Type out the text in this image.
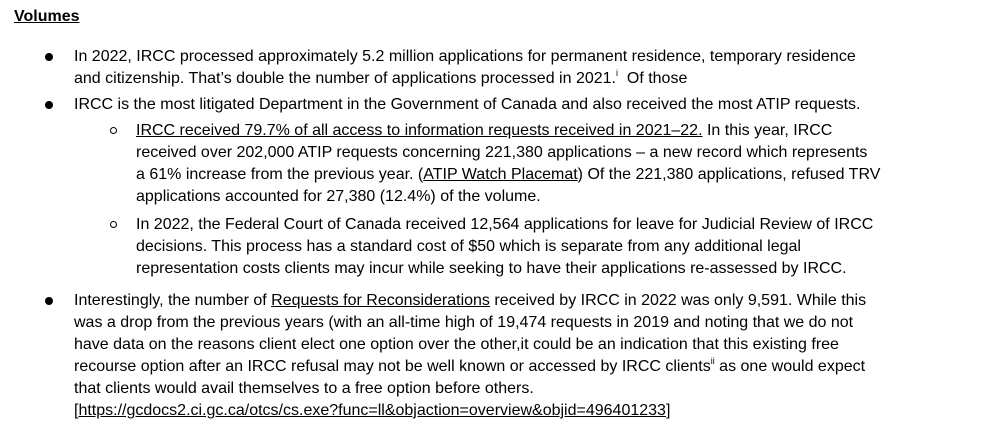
Volumes
In 2022, IRCC processed approximately 5.2 million applications for permanent residence, temporary residence
and citizenship. That’s double the number of applications processed in 2021.$^i$  Of those
IRCC is the most litigated Department in the Government of Canada and also received the most ATIP requests.
IRCC received 79.7% of all access to information requests received in 2021–22. In this year, IRCC
received over 202,000 ATIP requests concerning 221,380 applications – a new record which represents
a 61% increase from the previous year. (ATIP Watch Placemat) Of the 221,380 applications, refused TRV
applications accounted for 27,380 (12.4%) of the volume.
In 2022, the Federal Court of Canada received 12,564 applications for leave for Judicial Review of IRCC
decisions. This process has a standard cost of $50 which is separate from any additional legal
representation costs clients may incur while seeking to have their applications re-assessed by IRCC.
Interestingly, the number of Requests for Reconsiderations received by IRCC in 2022 was only 9,591. While this
was a drop from the previous years (with an all-time high of 19,474 requests in 2019 and noting that we do not
have data on the reasons client elect one option over the other,it could be an indication that this existing free
recourse option after an IRCC refusal may not be well known or accessed by IRCC clients$^{ii}$ as one would expect
that clients would avail themselves to a free option before others.
[https://gcdocs2.ci.gc.ca/otcs/cs.exe?func=ll&objaction=overview&objid=496401233]
